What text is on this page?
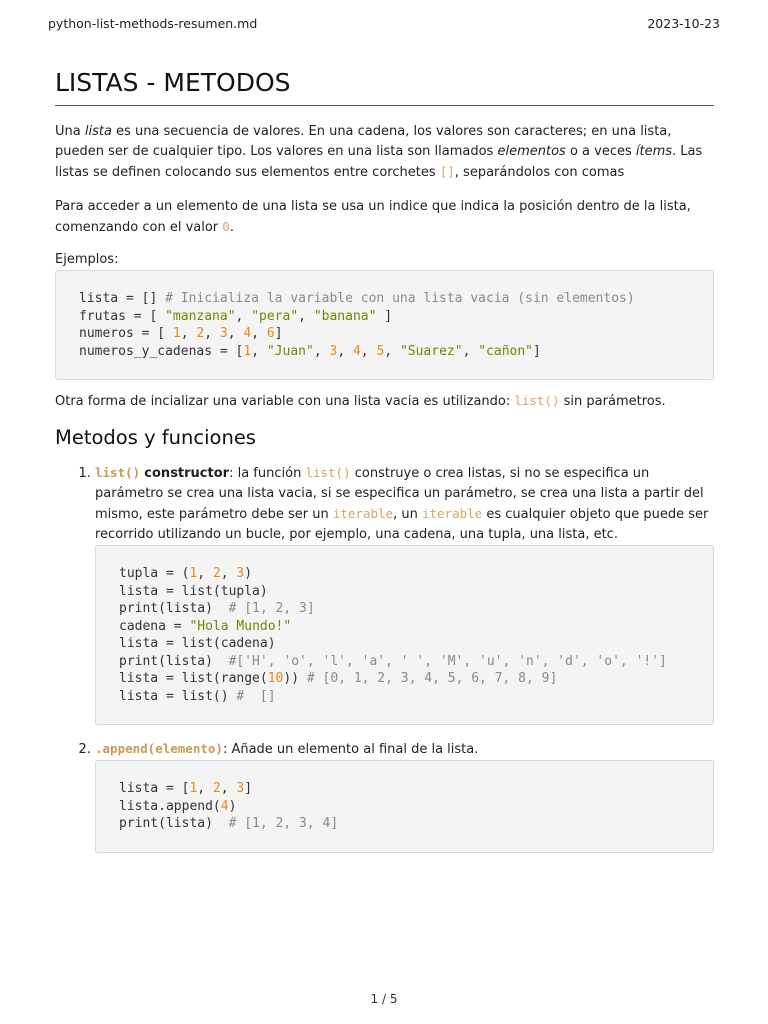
python-list-methods-resumen.md	2023-10-23
LISTAS - METODOS

Una lista es una secuencia de valores. En una cadena, los valores son caracteres; en una lista, pueden ser de cualquier tipo. Los valores en una lista son llamados elementos o a veces ítems. Las listas se definen colocando sus elementos entre corchetes [], separándolos con comas

Para acceder a un elemento de una lista se usa un indice que indica la posición dentro de la lista, comenzando con el valor 0.

Ejemplos:

lista = [] # Inicializa la variable con una lista vacia (sin elementos)
frutas = [ "manzana", "pera", "banana" ]
numeros = [ 1, 2, 3, 4, 6]
numeros_y_cadenas = [1, "Juan", 3, 4, 5, "Suarez", "cañon"]

Otra forma de incializar una variable con una lista vacia es utilizando: list() sin parámetros.

Metodos y funciones

1. list() constructor: la función list() construye o crea listas, si no se especifica un parámetro se crea una lista vacia, si se especifica un parámetro, se crea una lista a partir del mismo, este parámetro debe ser un iterable, un iterable es cualquier objeto que puede ser recorrido utilizando un bucle, por ejemplo, una cadena, una tupla, una lista, etc.

tupla = (1, 2, 3)
lista = list(tupla)
print(lista)  # [1, 2, 3]
cadena = "Hola Mundo!"
lista = list(cadena)
print(lista)  #['H', 'o', 'l', 'a', ' ', 'M', 'u', 'n', 'd', 'o', '!']
lista = list(range(10)) # [0, 1, 2, 3, 4, 5, 6, 7, 8, 9]
lista = list() #  []

2. .append(elemento): Añade un elemento al final de la lista.

lista = [1, 2, 3]
lista.append(4)
print(lista)  # [1, 2, 3, 4]
1 / 5
